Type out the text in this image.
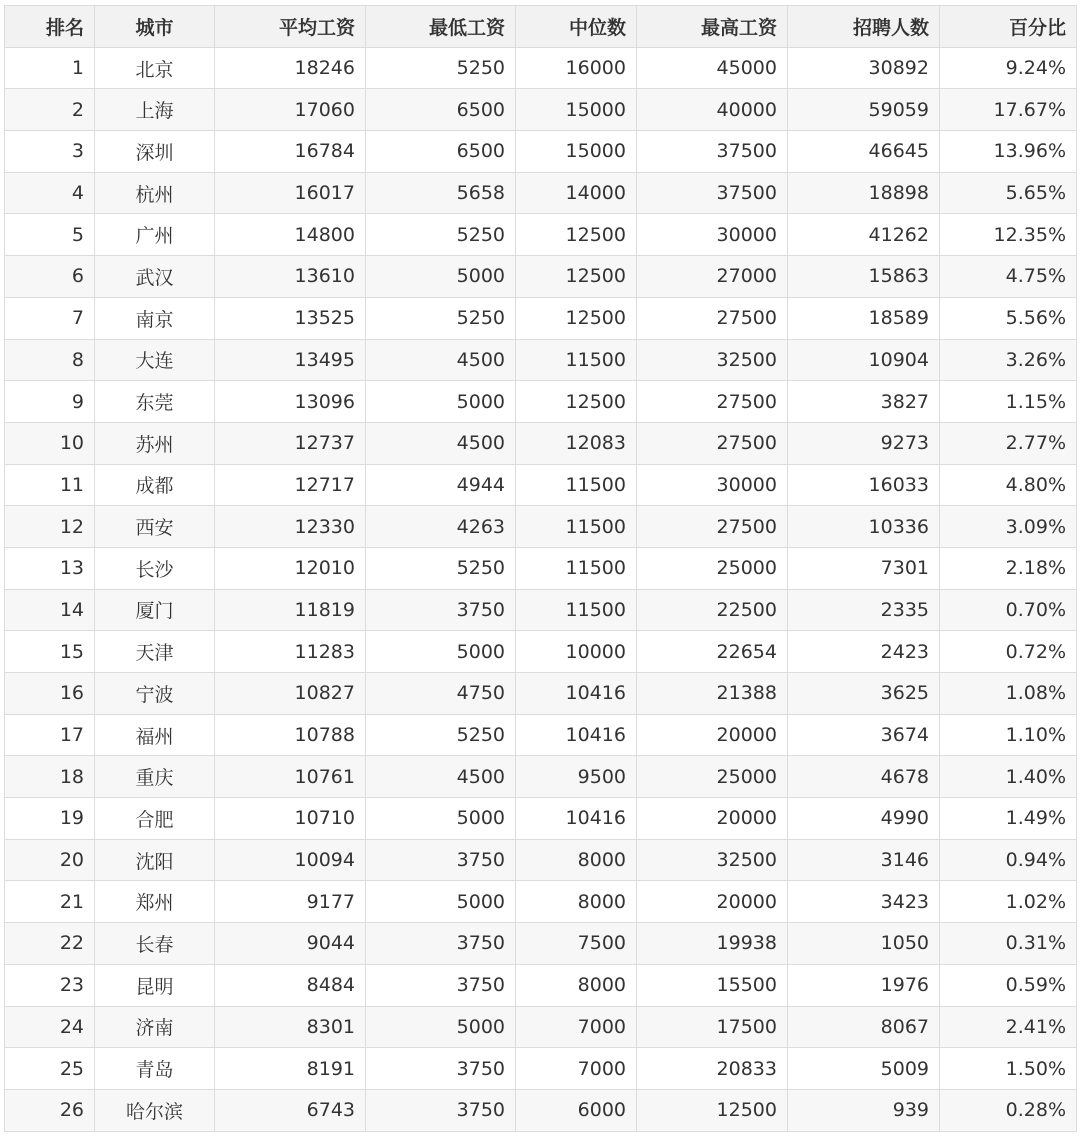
排名	城市	平均工资	最低工资	中位数	最高工资	招聘人数	百分比
1	北京	18246	5250	16000	45000	30892	9.24%
2	上海	17060	6500	15000	40000	59059	17.67%
3	深圳	16784	6500	15000	37500	46645	13.96%
4	杭州	16017	5658	14000	37500	18898	5.65%
5	广州	14800	5250	12500	30000	41262	12.35%
6	武汉	13610	5000	12500	27000	15863	4.75%
7	南京	13525	5250	12500	27500	18589	5.56%
8	大连	13495	4500	11500	32500	10904	3.26%
9	东莞	13096	5000	12500	27500	3827	1.15%
10	苏州	12737	4500	12083	27500	9273	2.77%
11	成都	12717	4944	11500	30000	16033	4.80%
12	西安	12330	4263	11500	27500	10336	3.09%
13	长沙	12010	5250	11500	25000	7301	2.18%
14	厦门	11819	3750	11500	22500	2335	0.70%
15	天津	11283	5000	10000	22654	2423	0.72%
16	宁波	10827	4750	10416	21388	3625	1.08%
17	福州	10788	5250	10416	20000	3674	1.10%
18	重庆	10761	4500	9500	25000	4678	1.40%
19	合肥	10710	5000	10416	20000	4990	1.49%
20	沈阳	10094	3750	8000	32500	3146	0.94%
21	郑州	9177	5000	8000	20000	3423	1.02%
22	长春	9044	3750	7500	19938	1050	0.31%
23	昆明	8484	3750	8000	15500	1976	0.59%
24	济南	8301	5000	7000	17500	8067	2.41%
25	青岛	8191	3750	7000	20833	5009	1.50%
26	哈尔滨	6743	3750	6000	12500	939	0.28%
